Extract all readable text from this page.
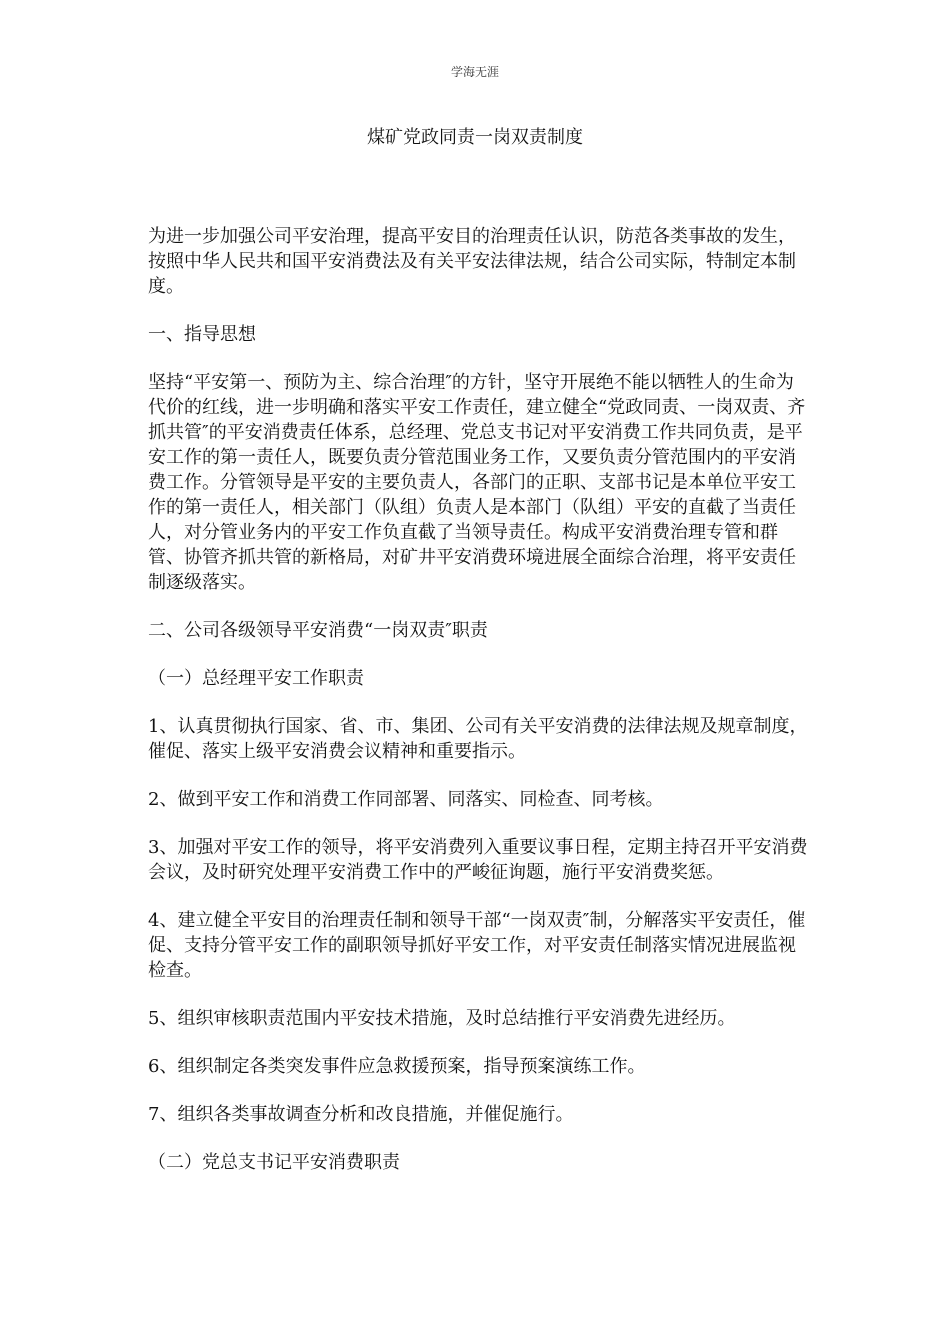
学海无涯
煤矿党政同责一岗双责制度

为进一步加强公司平安治理，提高平安目的治理责任认识，防范各类事故的发生，按照中华人民共和国平安消费法及有关平安法律法规，结合公司实际，特制定本制度。

一、指导思想

坚持“平安第一、预防为主、综合治理″的方针，坚守开展绝不能以牺牲人的生命为代价的红线，进一步明确和落实平安工作责任，建立健全“党政同责、一岗双责、齐抓共管″的平安消费责任体系，总经理、党总支书记对平安消费工作共同负责，是平安工作的第一责任人，既要负责分管范围业务工作，又要负责分管范围内的平安消费工作。分管领导是平安的主要负责人，各部门的正职、支部书记是本单位平安工作的第一责任人，相关部门（队组）负责人是本部门（队组）平安的直截了当责任人，对分管业务内的平安工作负直截了当领导责任。构成平安消费治理专管和群管、协管齐抓共管的新格局，对矿井平安消费环境进展全面综合治理，将平安责任制逐级落实。

二、公司各级领导平安消费“一岗双责″职责

（一）总经理平安工作职责

1、认真贯彻执行国家、省、市、集团、公司有关平安消费的法律法规及规章制度，催促、落实上级平安消费会议精神和重要指示。

2、做到平安工作和消费工作同部署、同落实、同检查、同考核。

3、加强对平安工作的领导，将平安消费列入重要议事日程，定期主持召开平安消费会议，及时研究处理平安消费工作中的严峻征询题，施行平安消费奖惩。

4、建立健全平安目的治理责任制和领导干部“一岗双责″制，分解落实平安责任，催促、支持分管平安工作的副职领导抓好平安工作，对平安责任制落实情况进展监视检查。

5、组织审核职责范围内平安技术措施，及时总结推行平安消费先进经历。

6、组织制定各类突发事件应急救援预案，指导预案演练工作。

7、组织各类事故调查分析和改良措施，并催促施行。

（二）党总支书记平安消费职责
